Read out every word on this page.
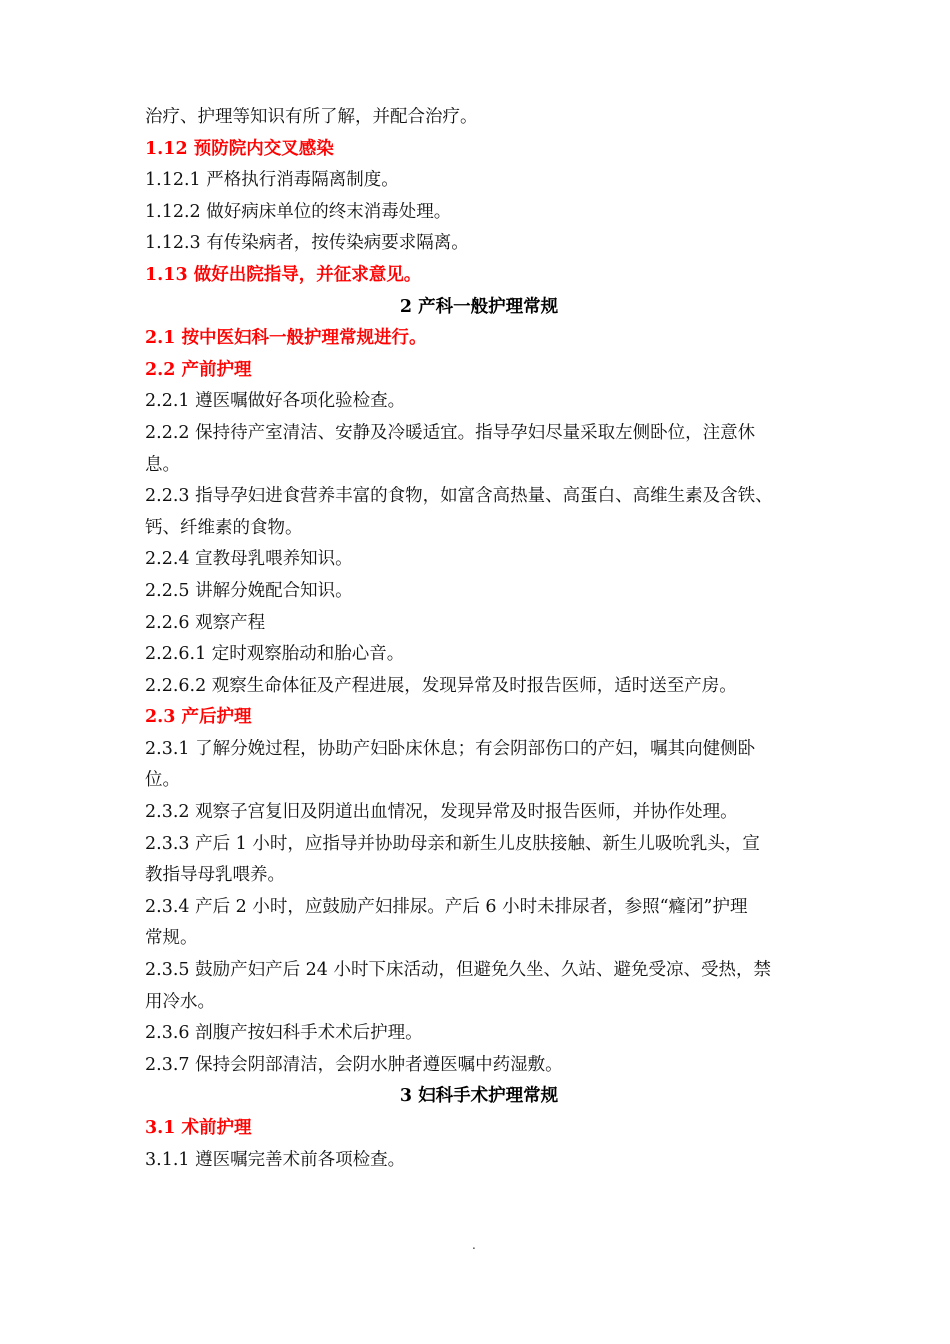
治疗、护理等知识有所了解，并配合治疗。
1.12 预防院内交叉感染
1.12.1 严格执行消毒隔离制度。
1.12.2 做好病床单位的终末消毒处理。
1.12.3 有传染病者，按传染病要求隔离。
1.13 做好出院指导，并征求意见。
2 产科一般护理常规
2.1 按中医妇科一般护理常规进行。
2.2 产前护理
2.2.1 遵医嘱做好各项化验检查。
2.2.2 保持待产室清洁、安静及冷暖适宜。指导孕妇尽量采取左侧卧位，注意休
息。
2.2.3 指导孕妇进食营养丰富的食物，如富含高热量、高蛋白、高维生素及含铁、
钙、纤维素的食物。
2.2.4 宣教母乳喂养知识。
2.2.5 讲解分娩配合知识。
2.2.6 观察产程
2.2.6.1 定时观察胎动和胎心音。
2.2.6.2 观察生命体征及产程进展，发现异常及时报告医师，适时送至产房。
2.3 产后护理
2.3.1 了解分娩过程，协助产妇卧床休息；有会阴部伤口的产妇，嘱其向健侧卧
位。
2.3.2 观察子宫复旧及阴道出血情况，发现异常及时报告医师，并协作处理。
2.3.3 产后 1 小时，应指导并协助母亲和新生儿皮肤接触、新生儿吸吮乳头，宣
教指导母乳喂养。
2.3.4 产后 2 小时，应鼓励产妇排尿。产后 6 小时未排尿者，参照“癃闭”护理
常规。
2.3.5 鼓励产妇产后 24 小时下床活动，但避免久坐、久站、避免受凉、受热，禁
用冷水。
2.3.6 剖腹产按妇科手术术后护理。
2.3.7 保持会阴部清洁，会阴水肿者遵医嘱中药湿敷。
3 妇科手术护理常规
3.1 术前护理
3.1.1 遵医嘱完善术前各项检查。
.
